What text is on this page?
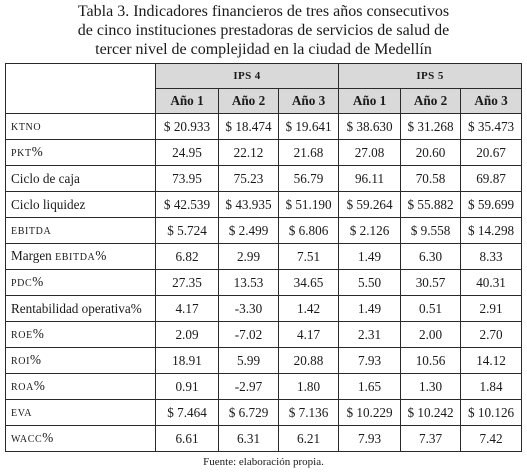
Tabla 3. Indicadores financieros de tres años consecutivos
de cinco instituciones prestadoras de servicios de salud de
tercer nivel de complejidad en la ciudad de Medellín
	IPS 4			IPS 5		
	Año 1	Año 2	Año 3	Año 1	Año 2	Año 3
KTNO	$ 20.933	$ 18.474	$ 19.641	$ 38.630	$ 31.268	$ 35.473
PKT%	24.95	22.12	21.68	27.08	20.60	20.67
Ciclo de caja	73.95	75.23	56.79	96.11	70.58	69.87
Ciclo liquidez	$ 42.539	$ 43.935	$ 51.190	$ 59.264	$ 55.882	$ 59.699
EBITDA	$ 5.724	$ 2.499	$ 6.806	$ 2.126	$ 9.558	$ 14.298
Margen EBITDA%	6.82	2.99	7.51	1.49	6.30	8.33
PDC%	27.35	13.53	34.65	5.50	30.57	40.31
Rentabilidad operativa%	4.17	-3.30	1.42	1.49	0.51	2.91
ROE%	2.09	-7.02	4.17	2.31	2.00	2.70
ROI%	18.91	5.99	20.88	7.93	10.56	14.12
ROA%	0.91	-2.97	1.80	1.65	1.30	1.84
EVA	$ 7.464	$ 6.729	$ 7.136	$ 10.229	$ 10.242	$ 10.126
WACC%	6.61	6.31	6.21	7.93	7.37	7.42
Fuente: elaboración propia.
